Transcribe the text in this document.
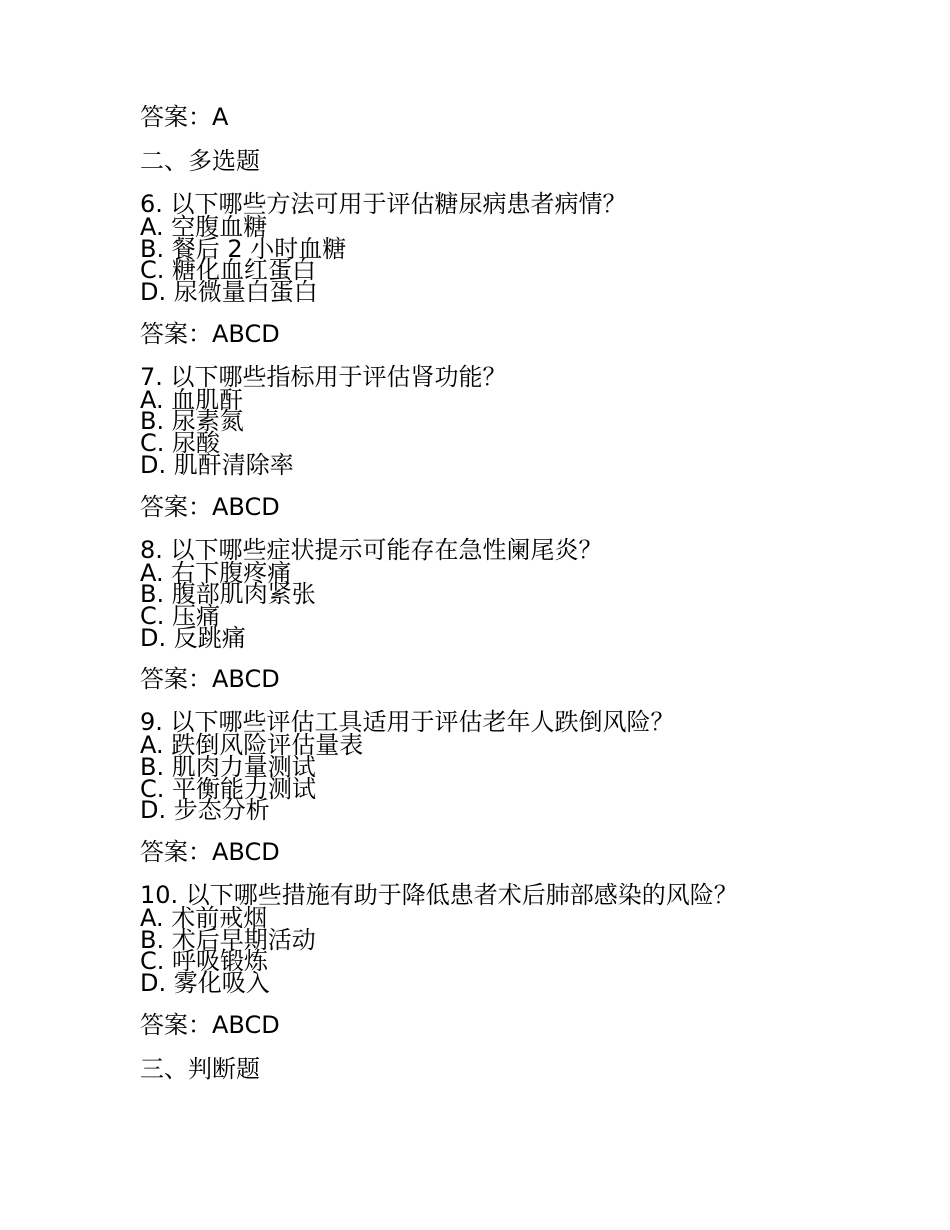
答案：A
二、多选题
6. 以下哪些方法可用于评估糖尿病患者病情？
A. 空腹血糖
B. 餐后 2 小时血糖
C. 糖化血红蛋白
D. 尿微量白蛋白
答案：ABCD
7. 以下哪些指标用于评估肾功能？
A. 血肌酐
B. 尿素氮
C. 尿酸
D. 肌酐清除率
答案：ABCD
8. 以下哪些症状提示可能存在急性阑尾炎？
A. 右下腹疼痛
B. 腹部肌肉紧张
C. 压痛
D. 反跳痛
答案：ABCD
9. 以下哪些评估工具适用于评估老年人跌倒风险？
A. 跌倒风险评估量表
B. 肌肉力量测试
C. 平衡能力测试
D. 步态分析
答案：ABCD
10. 以下哪些措施有助于降低患者术后肺部感染的风险？
A. 术前戒烟
B. 术后早期活动
C. 呼吸锻炼
D. 雾化吸入
答案：ABCD
三、判断题
